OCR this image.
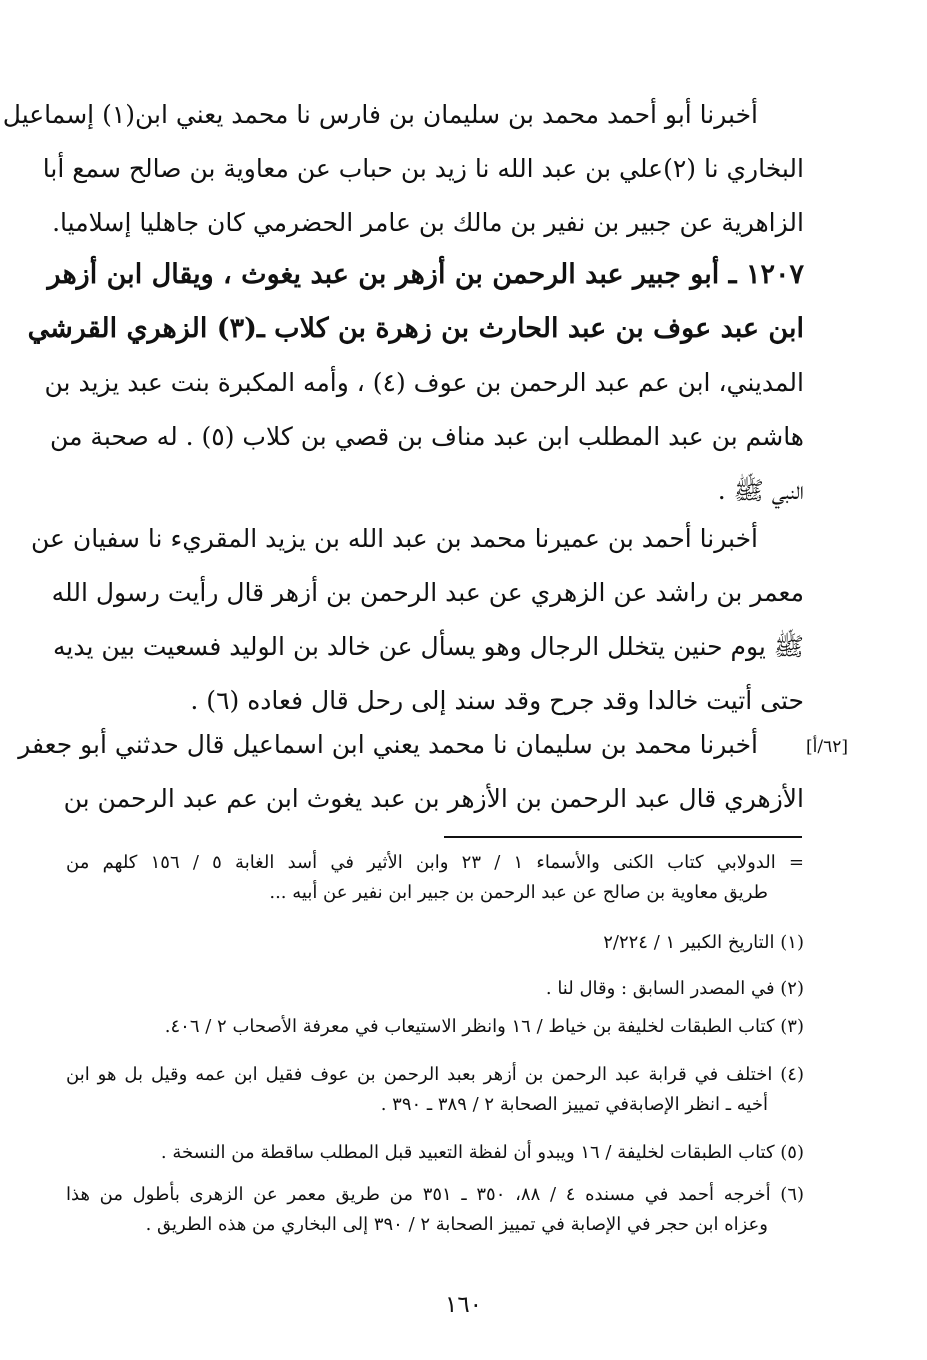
أخبرنا أبو أحمد محمد بن سليمان بن فارس نا محمد يعني ابن(١) إسماعيل
البخاري نا (٢)علي بن عبد الله نا زيد بن حباب عن معاوية بن صالح سمع أبا
الزاهرية عن جبير بن نفير بن مالك بن عامر الحضرمي كان جاهليا إسلاميا.
١٢٠٧ ـ أبو جبير عبد الرحمن بن أزهر بن عبد يغوث ، ويقال ابن أزهر
ابن عبد عوف بن عبد الحارث بن زهرة بن كلاب ـ(٣) الزهري القرشي
المديني، ابن عم عبد الرحمن بن عوف (٤) ، وأمه المكبرة بنت عبد يزيد بن
هاشم بن عبد المطلب ابن عبد مناف بن قصي بن كلاب (٥) . له صحبة من
النبي ﷺ .
أخبرنا أحمد بن عميرنا محمد بن عبد الله بن يزيد المقريء نا سفيان عن
معمر بن راشد عن الزهري عن عبد الرحمن بن أزهر قال رأيت رسول الله
ﷺ يوم حنين يتخلل الرجال وهو يسأل عن خالد بن الوليد فسعيت بين يديه
حتى أتيت خالدا وقد جرح وقد سند إلى رحل قال فعاده (٦) .
أخبرنا محمد بن سليمان نا محمد يعني ابن اسماعيل قال حدثني أبو جعفر
الأزهري قال عبد الرحمن بن الأزهر بن عبد يغوث ابن عم عبد الرحمن بن
[٦٢/أ]
= الدولابي كتاب الكنى والأسماء ١ / ٢٣ وابن الأثير في أسد الغابة ٥ / ١٥٦ كلهم من
طريق معاوية بن صالح عن عبد الرحمن بن جبير ابن نفير عن أبيه ...
(١) التاريخ الكبير ١ / ٢/٢٢٤
(٢) في المصدر السابق : وقال لنا .
(٣) كتاب الطبقات لخليفة بن خياط / ١٦ وانظر الاستيعاب في معرفة الأصحاب ٢ / ٤٠٦.
(٤) اختلف في قرابة عبد الرحمن بن أزهر بعبد الرحمن بن عوف فقيل ابن عمه وقيل بل هو ابن
أخيه ـ انظر الإصابةفي تمييز الصحابة ٢ / ٣٨٩ ـ ٣٩٠ .
(٥) كتاب الطبقات لخليفة / ١٦ ويبدو أن لفظة التعبيد قبل المطلب ساقطة من النسخة .
(٦) أخرجه أحمد في مسنده ٤ / ٨٨، ٣٥٠ ـ ٣٥١ من طريق معمر عن الزهرى بأطول من هذا
وعزاه ابن حجر في الإصابة في تمييز الصحابة ٢ / ٣٩٠ إلى البخاري من هذه الطريق .
١٦٠
